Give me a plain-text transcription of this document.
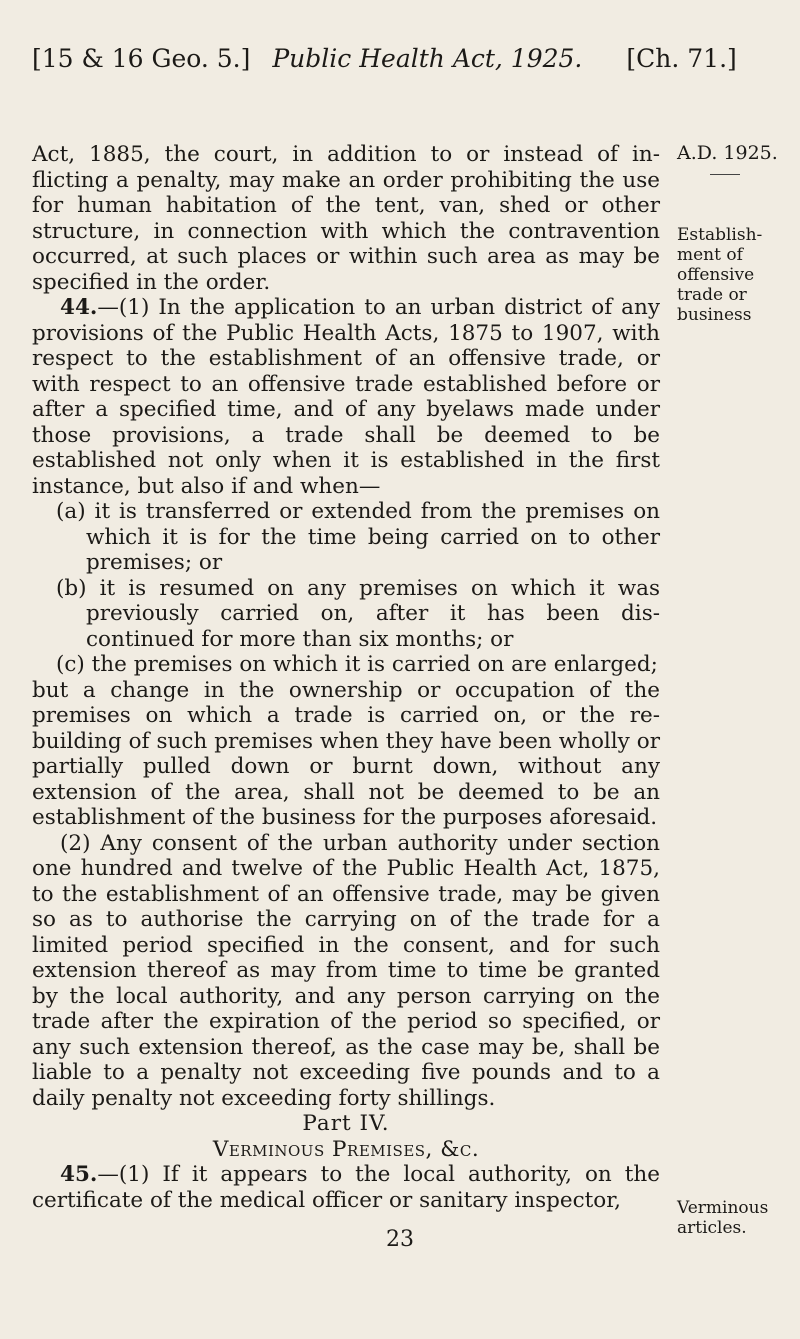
[15 & 16 Geo. 5.] Public Health Act, 1925. [Ch. 71.]

Act, 1885, the court, in addition to or instead of in-flicting a penalty, may make an order prohibiting the use for human habitation of the tent, van, shed or other structure, in connection with which the contravention occurred, at such places or within such area as may be specified in the order.

44.—(1) In the application to an urban district of any provisions of the Public Health Acts, 1875 to 1907, with respect to the establishment of an offensive trade, or with respect to an offensive trade established before or after a specified time, and of any byelaws made under those provisions, a trade shall be deemed to be established not only when it is established in the first instance, but also if and when—

(a) it is transferred or extended from the premises on which it is for the time being carried on to other premises; or

(b) it is resumed on any premises on which it was previously carried on, after it has been dis-continued for more than six months; or

(c) the premises on which it is carried on are enlarged;

but a change in the ownership or occupation of the premises on which a trade is carried on, or the re-building of such premises when they have been wholly or partially pulled down or burnt down, without any extension of the area, shall not be deemed to be an establishment of the business for the purposes aforesaid.

(2) Any consent of the urban authority under section one hundred and twelve of the Public Health Act, 1875, to the establishment of an offensive trade, may be given so as to authorise the carrying on of the trade for a limited period specified in the consent, and for such extension thereof as may from time to time be granted by the local authority, and any person carrying on the trade after the expiration of the period so specified, or any such extension thereof, as the case may be, shall be liable to a penalty not exceeding five pounds and to a daily penalty not exceeding forty shillings.

Part IV.

Verminous Premises, &c.

45.—(1) If it appears to the local authority, on the certificate of the medical officer or sanitary inspector,

A.D. 1925.
Establish-ment of offensive trade or business
Verminous articles.
23
